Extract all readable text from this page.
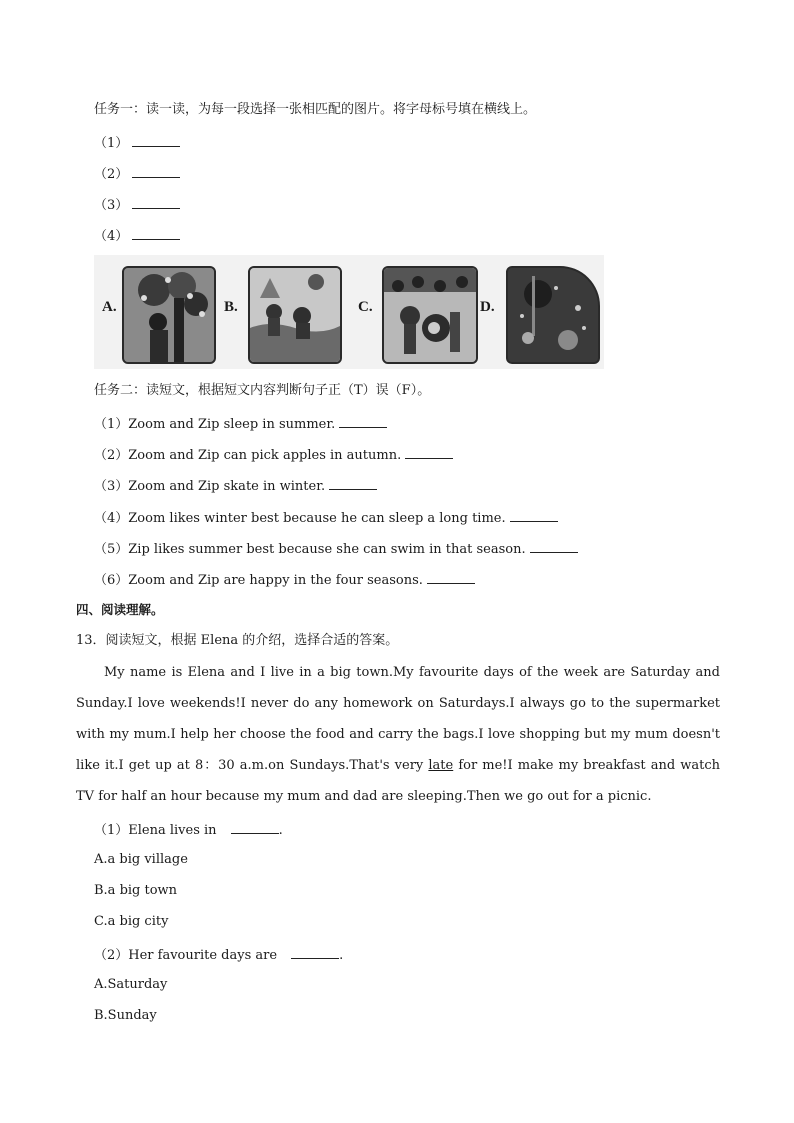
任务一：读一读，为每一段选择一张相匹配的图片。将字母标号填在横线上。
（1）
（2）
（3）
（4）
A.	B.	C.	D.
任务二：读短文，根据短文内容判断句子正（T）误（F）。
（1）Zoom and Zip sleep in summer.
（2）Zoom and Zip can pick apples in autumn.
（3）Zoom and Zip skate in winter.
（4）Zoom likes winter best because he can sleep a long time.
（5）Zip likes summer best because she can swim in that season.
（6）Zoom and Zip are happy in the four seasons.
四、阅读理解。
13．阅读短文，根据 Elena 的介绍，选择合适的答案。
My name is Elena and I live in a big town.My favourite days of the week are Saturday and Sunday.I love weekends!I never do any homework on Saturdays.I always go to the supermarket with my mum.I help her choose the food and carry the bags.I love shopping but my mum doesn't like it.I get up at 8：30 a.m.on Sundays.That's very late for me!I make my breakfast and watch TV for half an hour because my mum and dad are sleeping.Then we go out for a picnic.
（1）Elena lives in	.
A.a big village
B.a big town
C.a big city
（2）Her favourite days are	.
A.Saturday
B.Sunday
